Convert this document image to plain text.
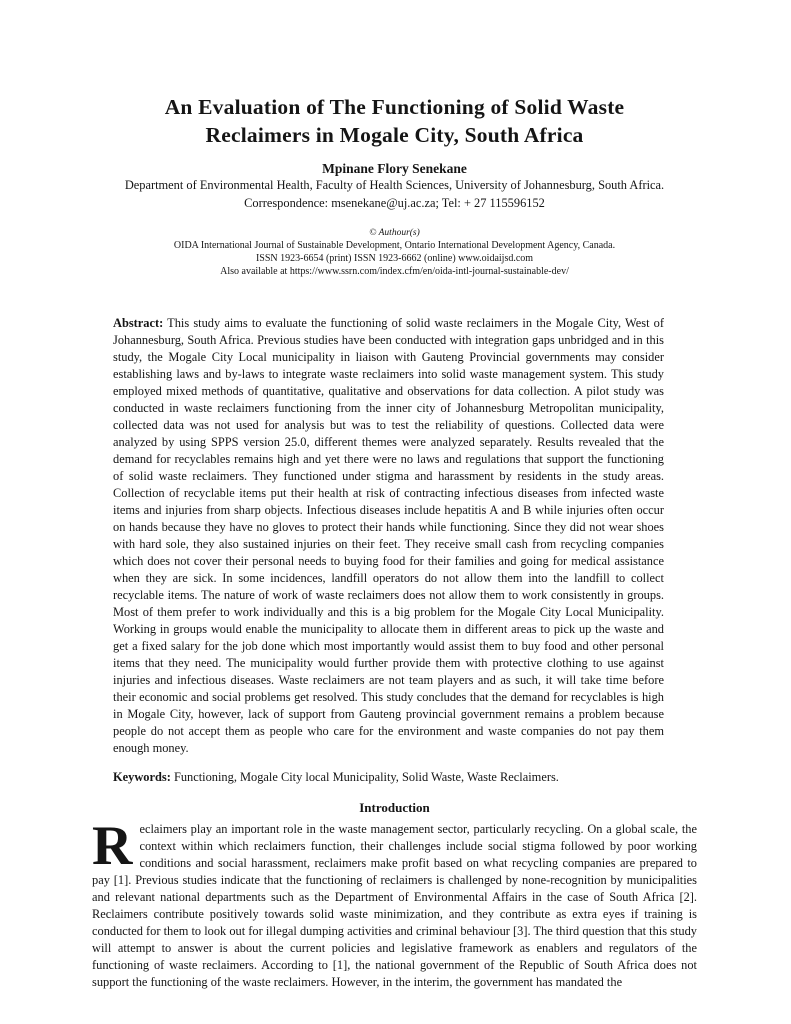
An Evaluation of The Functioning of Solid Waste
Reclaimers in Mogale City, South Africa
Mpinane Flory Senekane
Department of Environmental Health, Faculty of Health Sciences, University of Johannesburg, South Africa.
Correspondence: msenekane@uj.ac.za; Tel: + 27 115596152
© Authour(s)
OIDA International Journal of Sustainable Development, Ontario International Development Agency, Canada.
ISSN 1923-6654 (print) ISSN 1923-6662 (online) www.oidaijsd.com
Also available at https://www.ssrn.com/index.cfm/en/oida-intl-journal-sustainable-dev/

Abstract: This study aims to evaluate the functioning of solid waste reclaimers in the Mogale City, West of Johannesburg, South Africa. Previous studies have been conducted with integration gaps unbridged and in this study, the Mogale City Local municipality in liaison with Gauteng Provincial governments may consider establishing laws and by-laws to integrate waste reclaimers into solid waste management system. This study employed mixed methods of quantitative, qualitative and observations for data collection. A pilot study was conducted in waste reclaimers functioning from the inner city of Johannesburg Metropolitan municipality, collected data was not used for analysis but was to test the reliability of questions. Collected data were analyzed by using SPPS version 25.0, different themes were analyzed separately. Results revealed that the demand for recyclables remains high and yet there were no laws and regulations that support the functioning of solid waste reclaimers. They functioned under stigma and harassment by residents in the study areas. Collection of recyclable items put their health at risk of contracting infectious diseases from infected waste items and injuries from sharp objects. Infectious diseases include hepatitis A and B while injuries often occur on hands because they have no gloves to protect their hands while functioning. Since they did not wear shoes with hard sole, they also sustained injuries on their feet. They receive small cash from recycling companies which does not cover their personal needs to buying food for their families and going for medical assistance when they are sick. In some incidences, landfill operators do not allow them into the landfill to collect recyclable items. The nature of work of waste reclaimers does not allow them to work consistently in groups. Most of them prefer to work individually and this is a big problem for the Mogale City Local Municipality. Working in groups would enable the municipality to allocate them in different areas to pick up the waste and get a fixed salary for the job done which most importantly would assist them to buy food and other personal items that they need. The municipality would further provide them with protective clothing to use against injuries and infectious diseases. Waste reclaimers are not team players and as such, it will take time before their economic and social problems get resolved. This study concludes that the demand for recyclables is high in Mogale City, however, lack of support from Gauteng provincial government remains a problem because people do not accept them as people who care for the environment and waste companies do not pay them enough money.

Keywords: Functioning, Mogale City local Municipality, Solid Waste, Waste Reclaimers.

Introduction

Reclaimers play an important role in the waste management sector, particularly recycling. On a global scale, the context within which reclaimers function, their challenges include social stigma followed by poor working conditions and social harassment, reclaimers make profit based on what recycling companies are prepared to pay [1]. Previous studies indicate that the functioning of reclaimers is challenged by none-recognition by municipalities and relevant national departments such as the Department of Environmental Affairs in the case of South Africa [2]. Reclaimers contribute positively towards solid waste minimization, and they contribute as extra eyes if training is conducted for them to look out for illegal dumping activities and criminal behaviour [3]. The third question that this study will attempt to answer is about the current policies and legislative framework as enablers and regulators of the functioning of waste reclaimers. According to [1], the national government of the Republic of South Africa does not support the functioning of the waste reclaimers. However, in the interim, the government has mandated the
